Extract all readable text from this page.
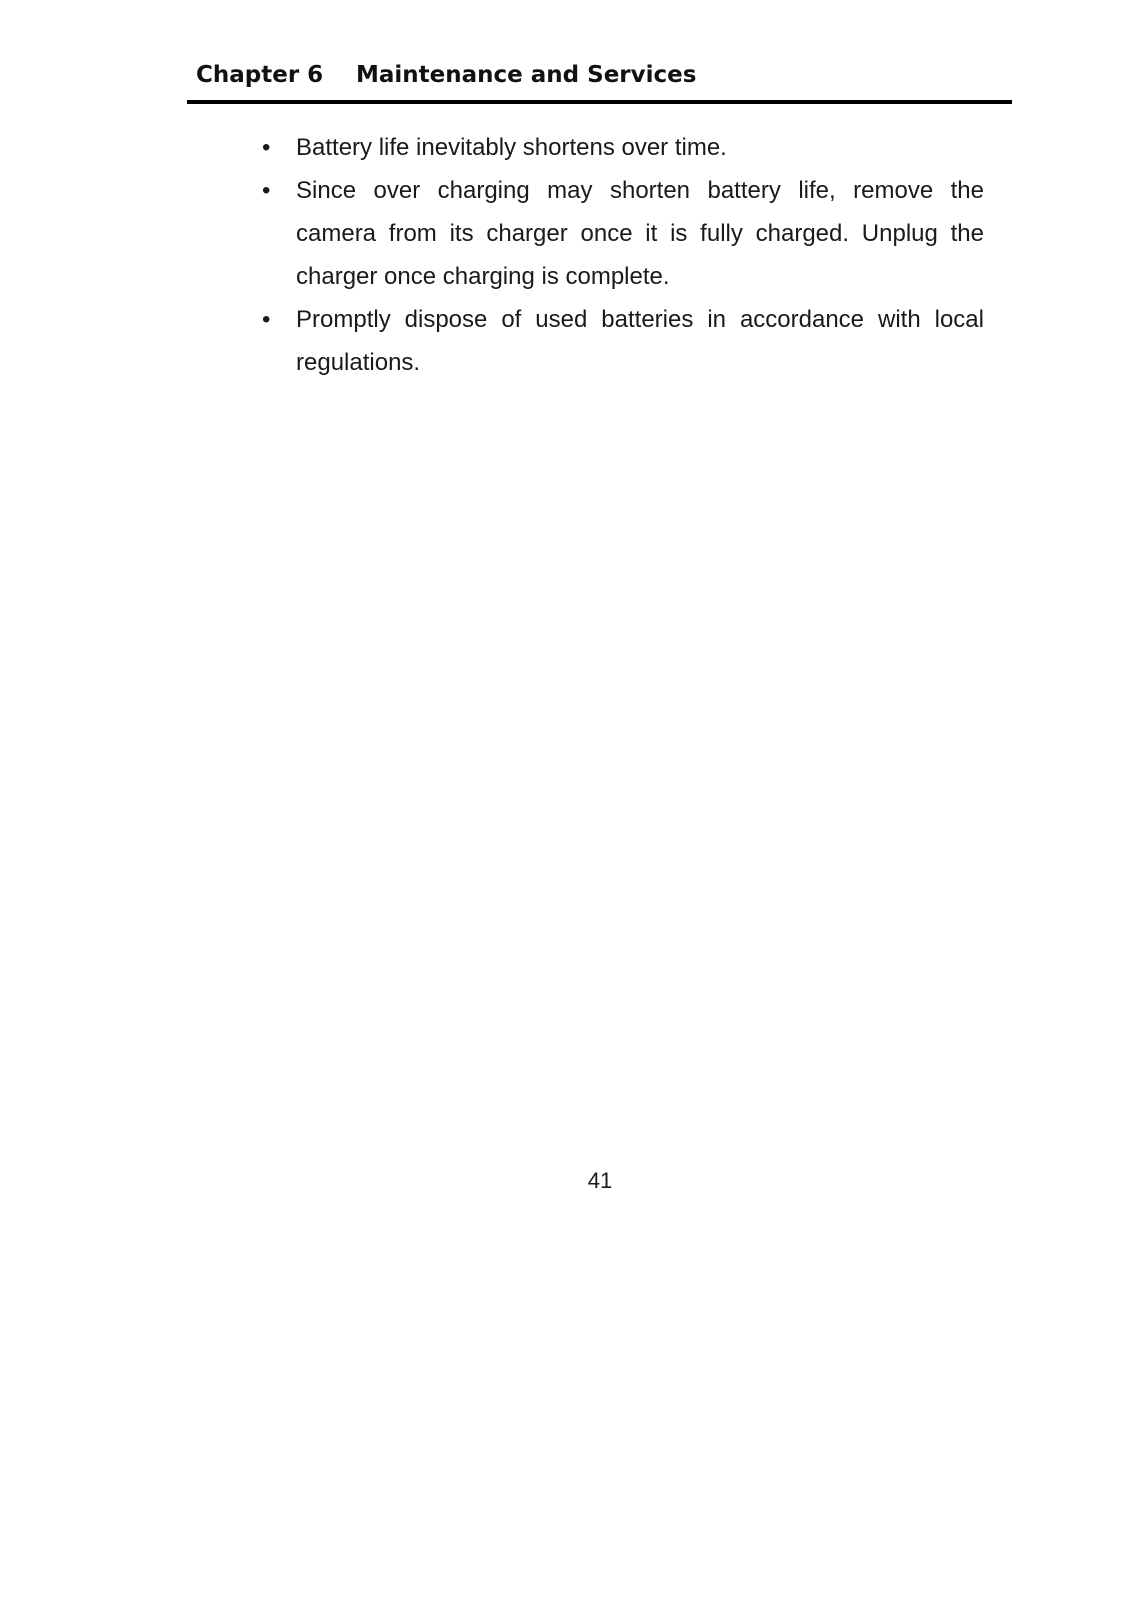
Chapter 6 Maintenance and Services
• Battery life inevitably shortens over time.
• Since over charging may shorten battery life, remove the camera from its charger once it is fully charged. Unplug the charger once charging is complete.
• Promptly dispose of used batteries in accordance with local regulations.
41
